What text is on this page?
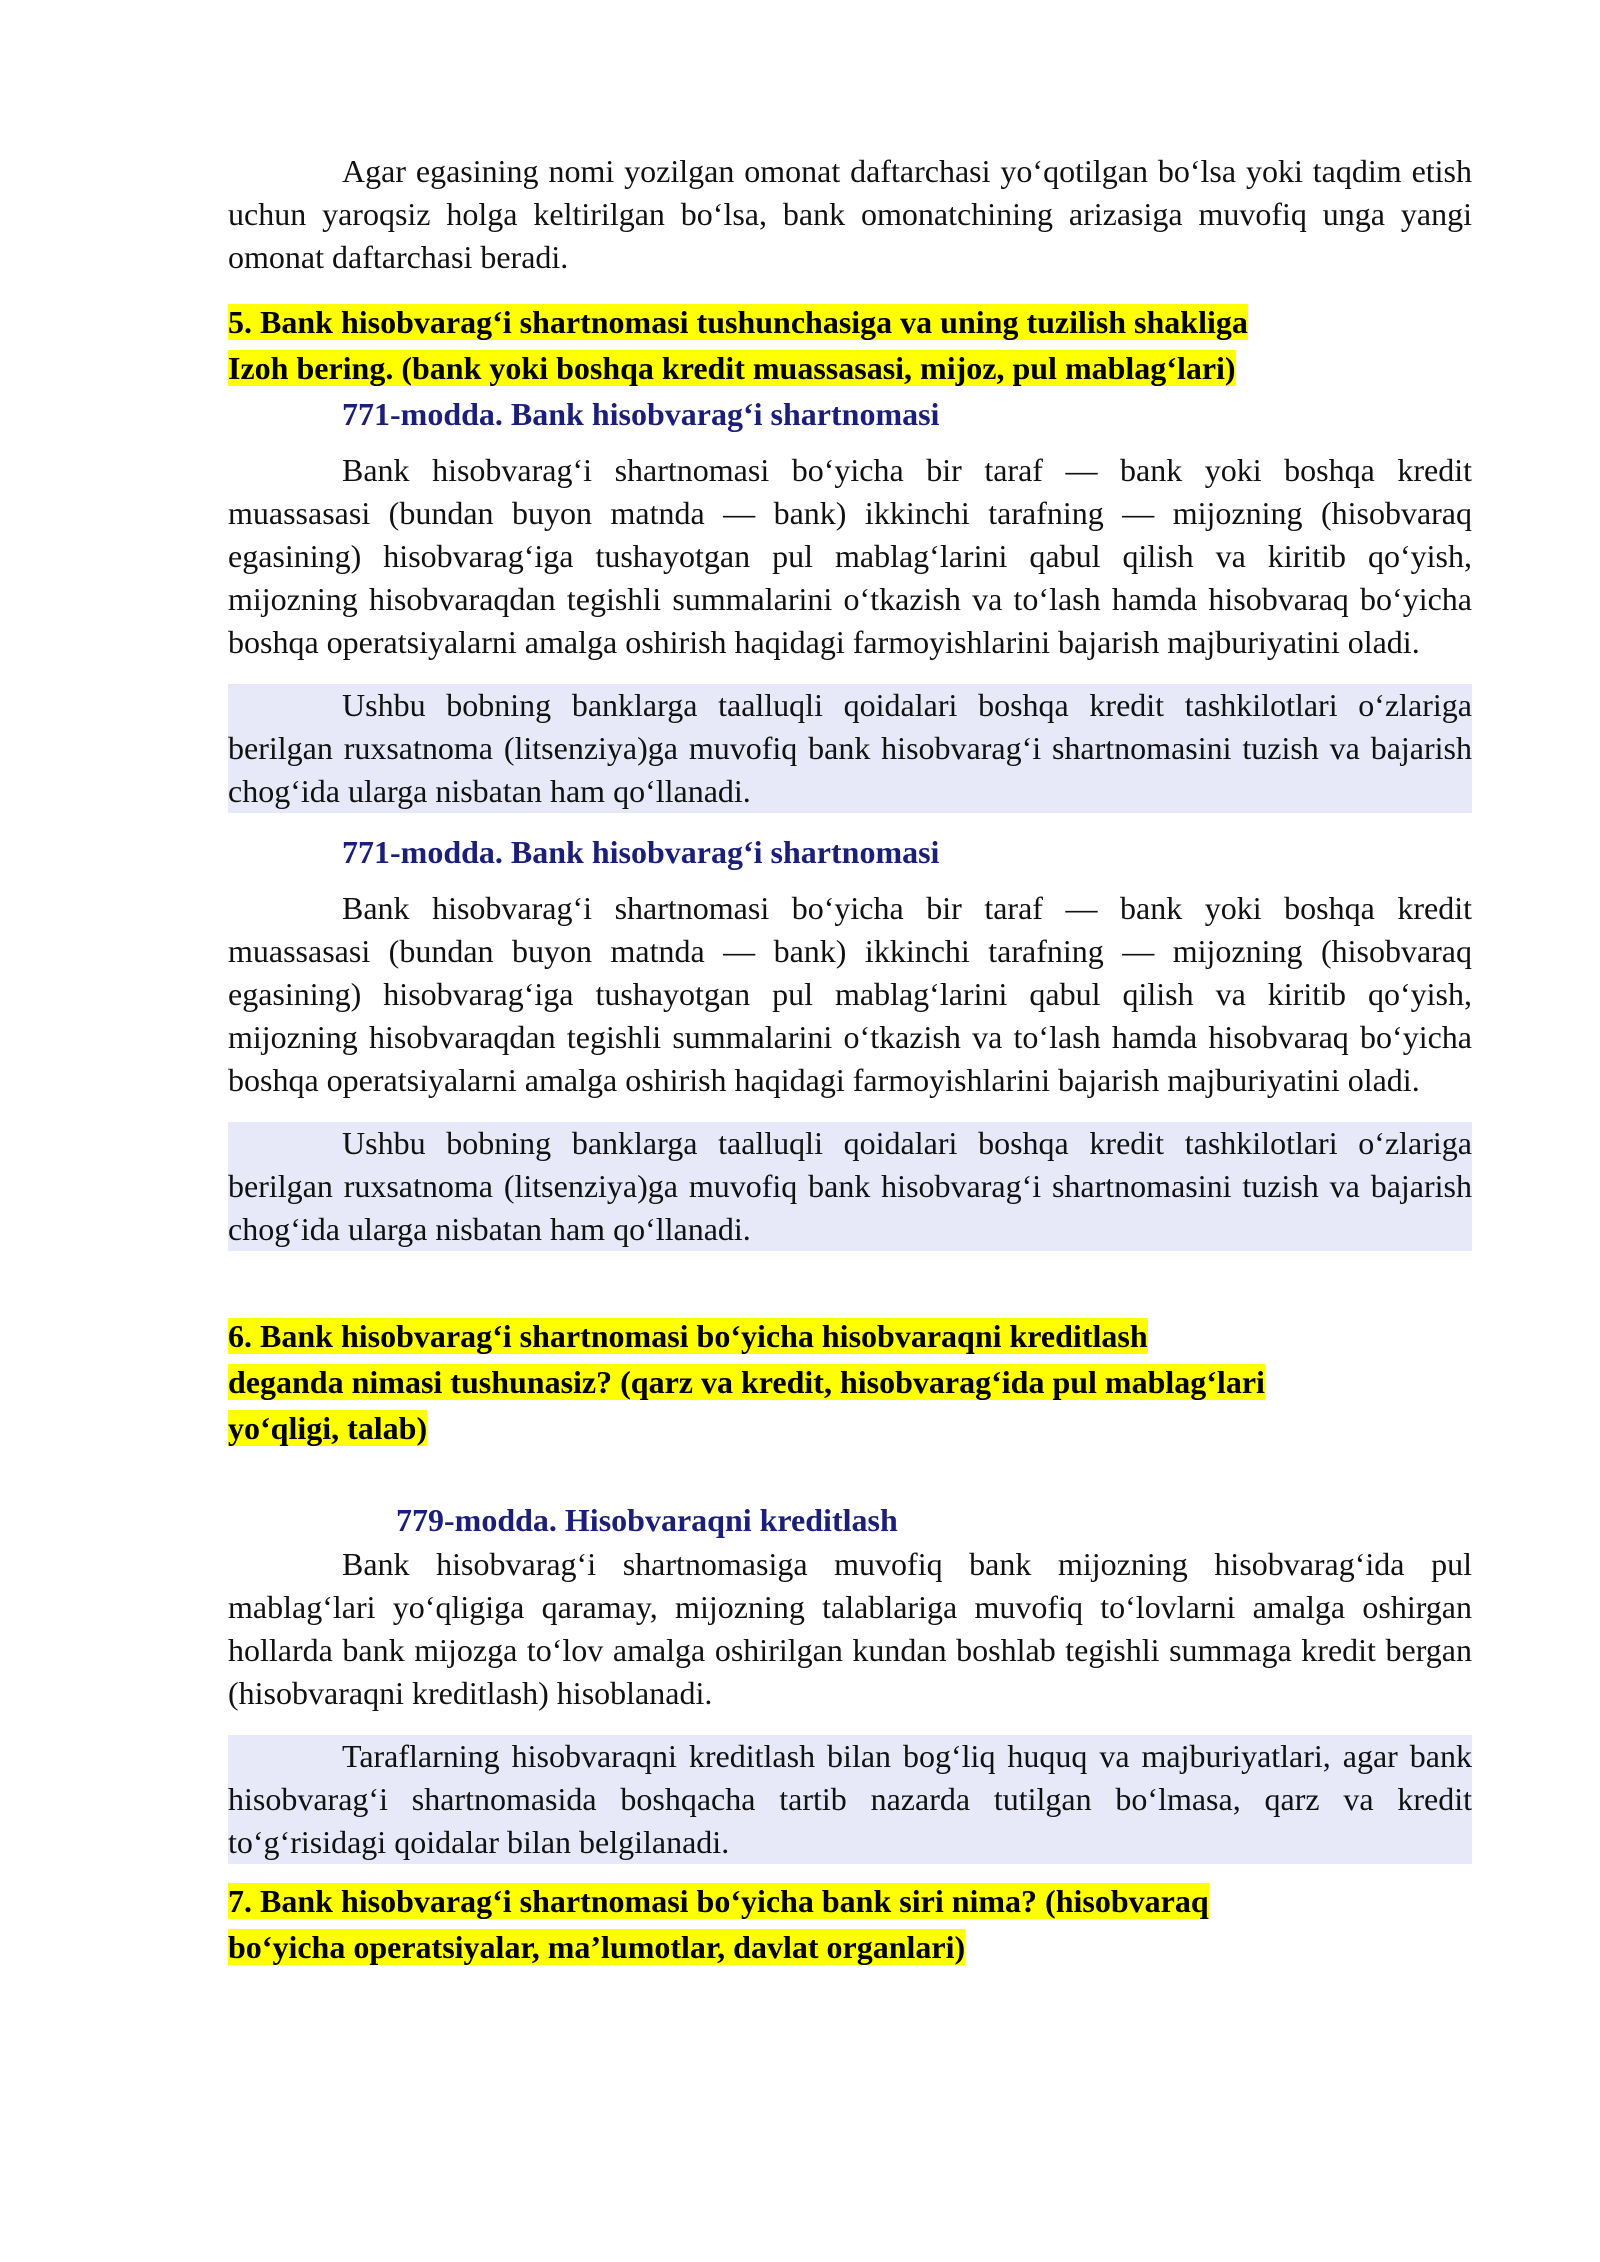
Agar egasining nomi yozilgan omonat daftarchasi yo‘qotilgan bo‘lsa yoki taqdim etish uchun yaroqsiz holga keltirilgan bo‘lsa, bank omonatchining arizasiga muvofiq unga yangi omonat daftarchasi beradi.

5. Bank hisobvarag‘i shartnomasi tushunchasiga va uning tuzilish shakliga
Izoh bering. (bank yoki boshqa kredit muassasasi, mijoz, pul mablag‘lari)

771-modda. Bank hisobvarag‘i shartnomasi

Bank hisobvarag‘i shartnomasi bo‘yicha bir taraf — bank yoki boshqa kredit muassasasi (bundan buyon matnda — bank) ikkinchi tarafning — mijozning (hisobvaraq egasining) hisobvarag‘iga tushayotgan pul mablag‘larini qabul qilish va kiritib qo‘yish, mijozning hisobvaraqdan tegishli summalarini o‘tkazish va to‘lash hamda hisobvaraq bo‘yicha boshqa operatsiyalarni amalga oshirish haqidagi farmoyishlarini bajarish majburiyatini oladi.

Ushbu bobning banklarga taalluqli qoidalari boshqa kredit tashkilotlari o‘zlariga berilgan ruxsatnoma (litsenziya)ga muvofiq bank hisobvarag‘i shartnomasini tuzish va bajarish chog‘ida ularga nisbatan ham qo‘llanadi.

771-modda. Bank hisobvarag‘i shartnomasi

Bank hisobvarag‘i shartnomasi bo‘yicha bir taraf — bank yoki boshqa kredit muassasasi (bundan buyon matnda — bank) ikkinchi tarafning — mijozning (hisobvaraq egasining) hisobvarag‘iga tushayotgan pul mablag‘larini qabul qilish va kiritib qo‘yish, mijozning hisobvaraqdan tegishli summalarini o‘tkazish va to‘lash hamda hisobvaraq bo‘yicha boshqa operatsiyalarni amalga oshirish haqidagi farmoyishlarini bajarish majburiyatini oladi.

Ushbu bobning banklarga taalluqli qoidalari boshqa kredit tashkilotlari o‘zlariga berilgan ruxsatnoma (litsenziya)ga muvofiq bank hisobvarag‘i shartnomasini tuzish va bajarish chog‘ida ularga nisbatan ham qo‘llanadi.

6. Bank hisobvarag‘i shartnomasi bo‘yicha hisobvaraqni kreditlash
deganda nimasi tushunasiz? (qarz va kredit, hisobvarag‘ida pul mablag‘lari
yo‘qligi, talab)

779-modda. Hisobvaraqni kreditlash

Bank hisobvarag‘i shartnomasiga muvofiq bank mijozning hisobvarag‘ida pul mablag‘lari yo‘qligiga qaramay, mijozning talablariga muvofiq to‘lovlarni amalga oshirgan hollarda bank mijozga to‘lov amalga oshirilgan kundan boshlab tegishli summaga kredit bergan (hisobvaraqni kreditlash) hisoblanadi.

Taraflarning hisobvaraqni kreditlash bilan bog‘liq huquq va majburiyatlari, agar bank hisobvarag‘i shartnomasida boshqacha tartib nazarda tutilgan bo‘lmasa, qarz va kredit to‘g‘risidagi qoidalar bilan belgilanadi.

7. Bank hisobvarag‘i shartnomasi bo‘yicha bank siri nima? (hisobvaraq
bo‘yicha operatsiyalar, ma’lumotlar, davlat organlari)
